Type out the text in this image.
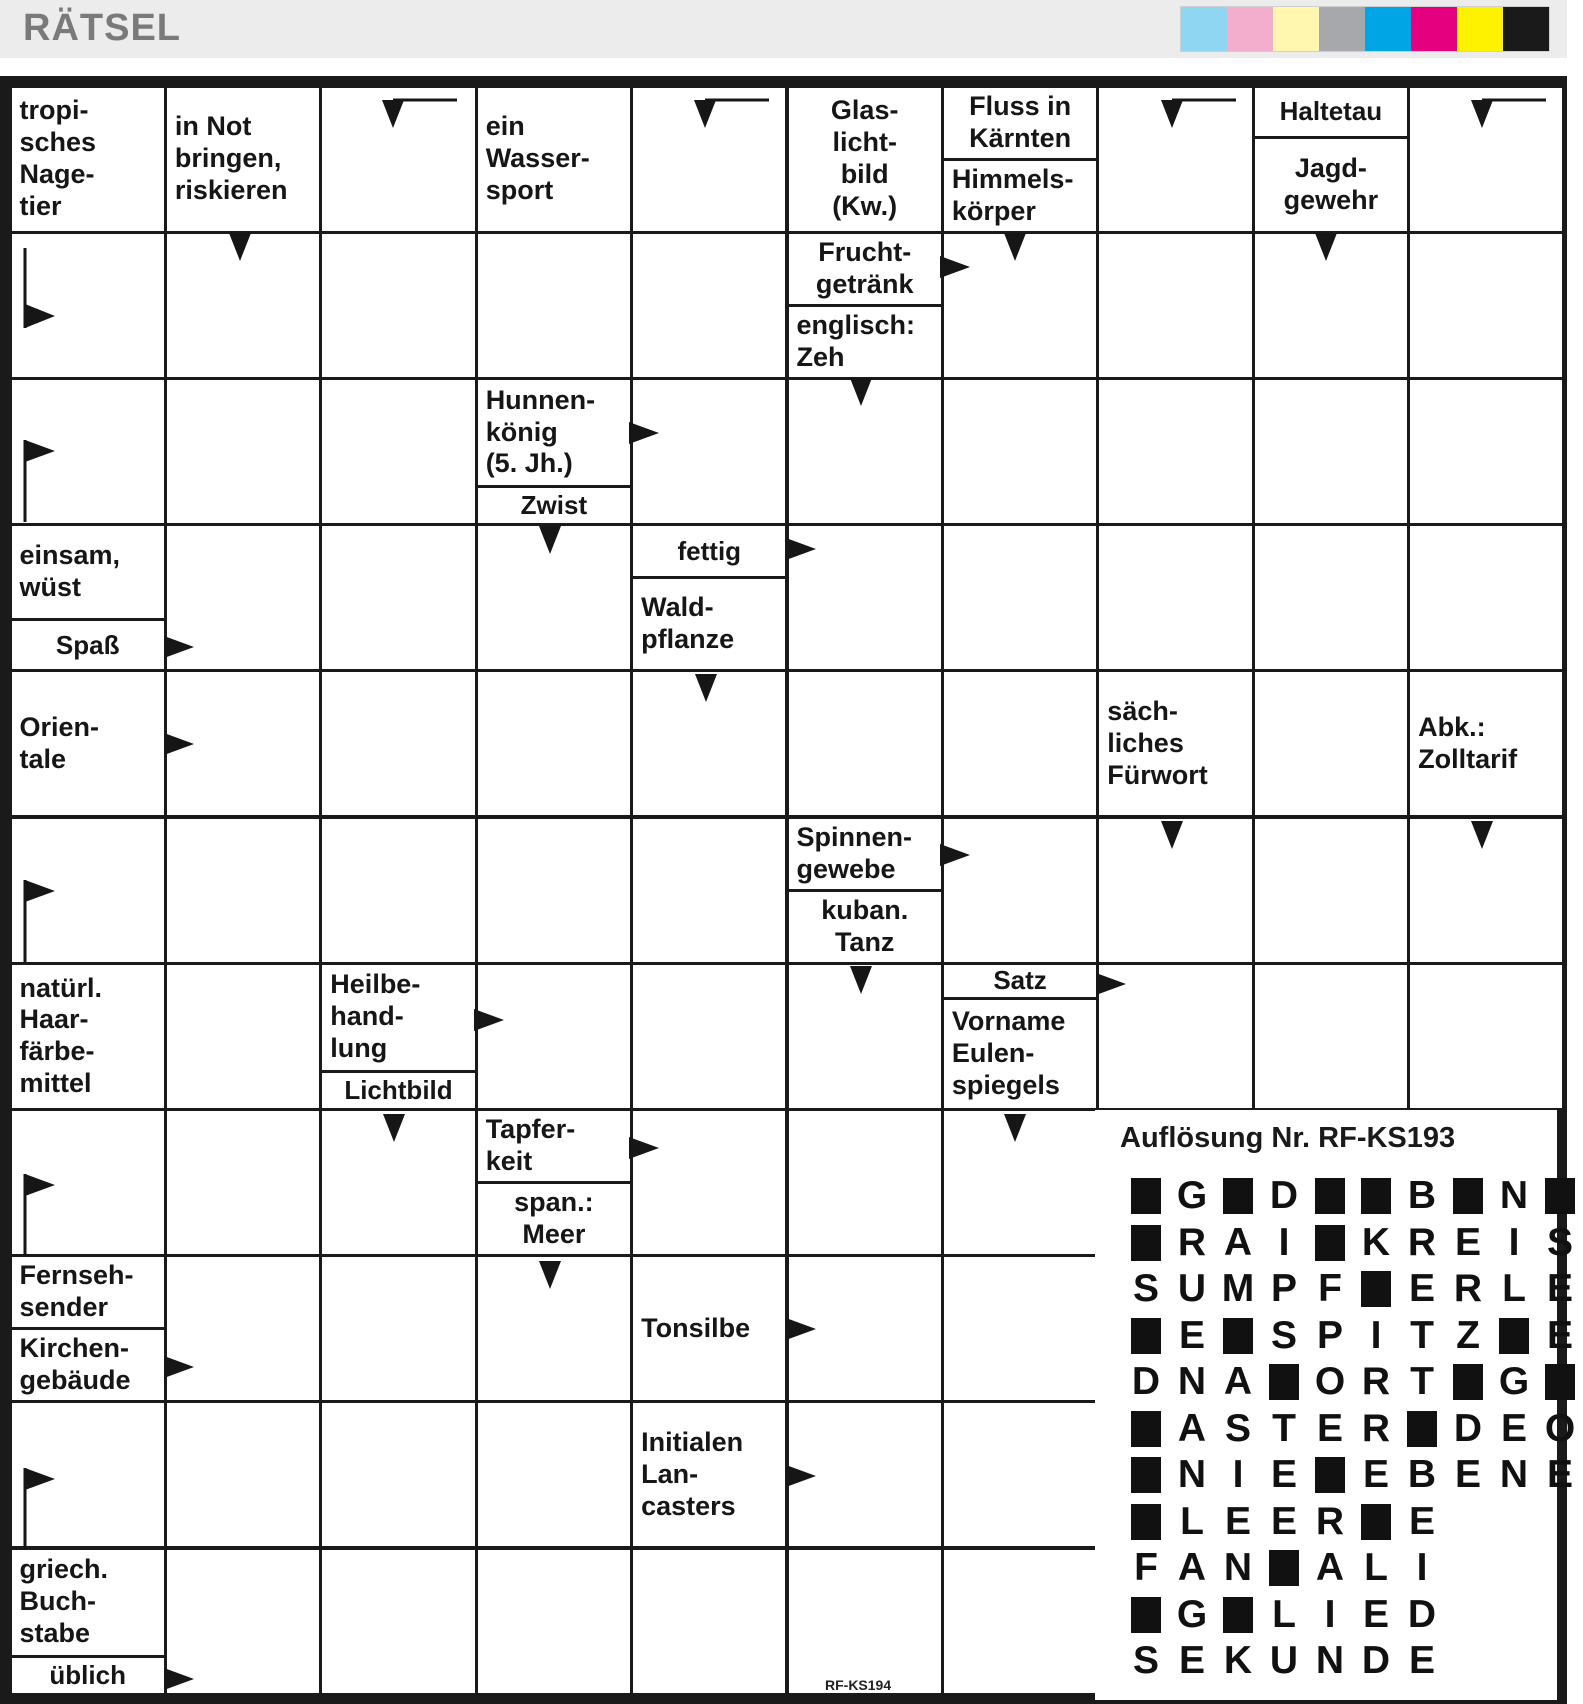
RÄTSEL
tropi-
sches
Nage-
tier
in Not
bringen,
riskieren
ein
Wasser-
sport
Glas-
licht-
bild
(Kw.)
Fluss in
Kärnten
Himmels-
körper
Haltetau
Jagd-
gewehr
Frucht-
getränk
englisch:
Zeh
Hunnen-
könig
(5. Jh.)
Zwist
einsam,
wüst
Spaß
fettig
Wald-
pflanze
Orien-
tale
säch-
liches
Fürwort
Abk.:
Zolltarif
Spinnen-
gewebe
kuban.
Tanz
natürl.
Haar-
färbe-
mittel
Heilbe-
hand-
lung
Lichtbild
Satz
Vorname
Eulen-
spiegels
Tapfer-
keit
span.:
Meer
Fernseh-
sender
Kirchen-
gebäude
Tonsilbe
Initialen
Lan-
casters
griech.
Buch-
stabe
üblich
Auflösung Nr. RF-KS193
G D	B N
R A I	K R E I S
S U M P F E R L E
E S P I T Z E
D N A O R T G
A S T E R D E O
N I E E B E N E
L E E R E
F A N A L I
G L I E D
S E K U N D E
RF-KS194
